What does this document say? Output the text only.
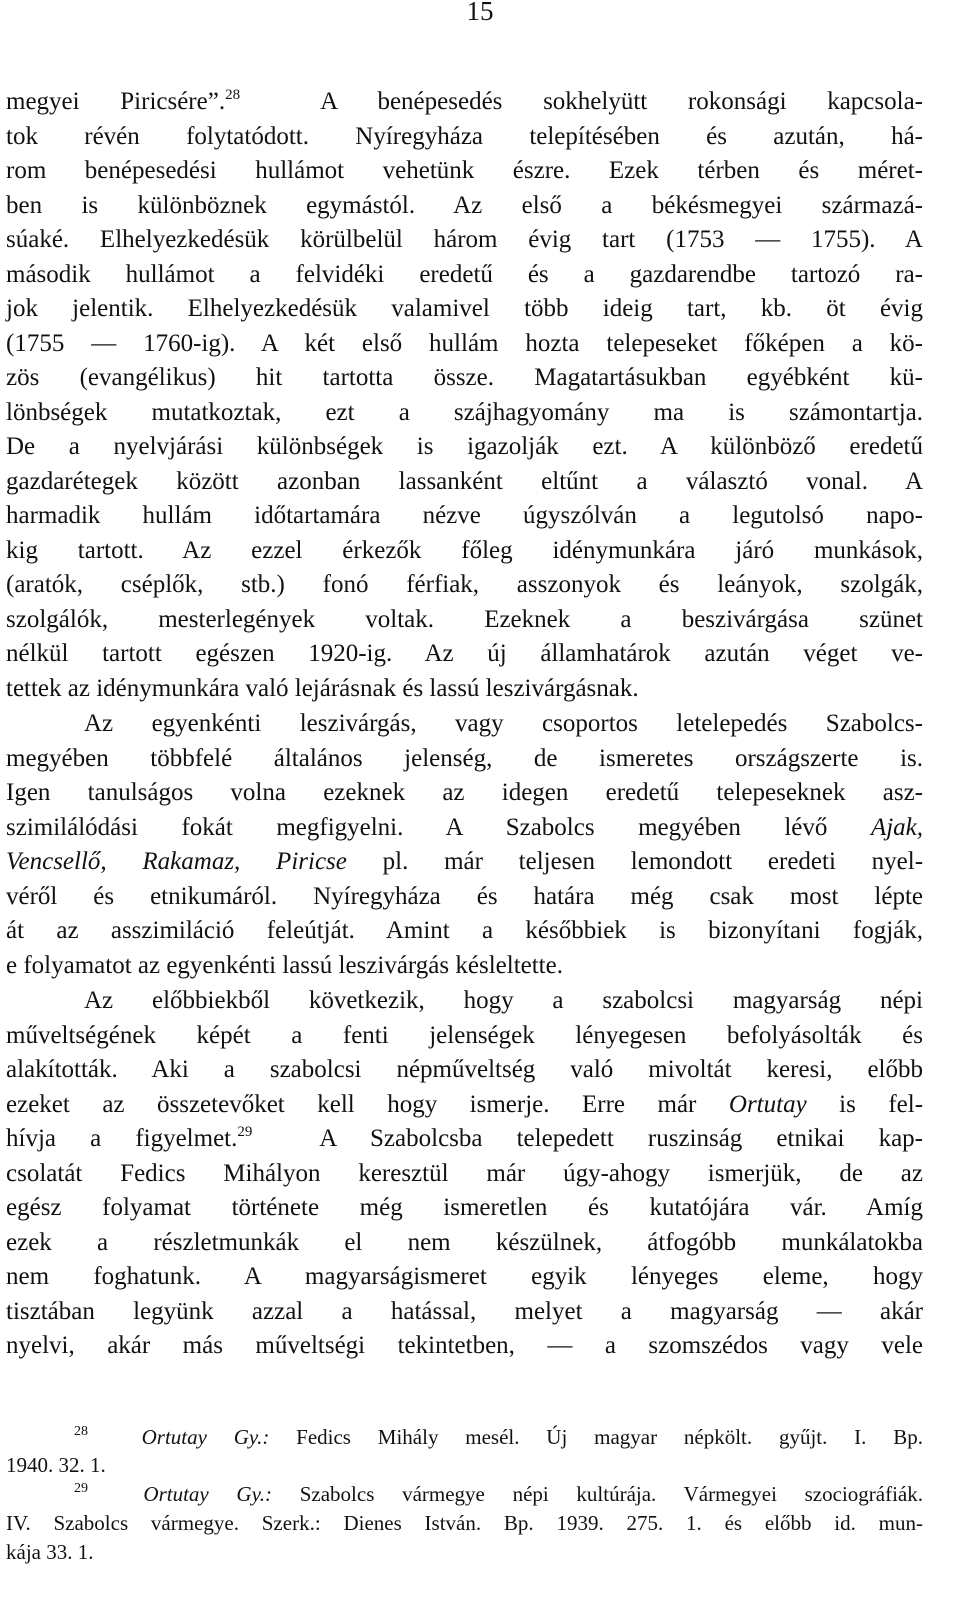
15
megyei Piricsére”.$^{28}$	A benépesedés sokhelyütt rokonsági kapcsola-
tok révén folytatódott. Nyíregyháza telepítésében és azután, há-
rom benépesedési hullámot vehetünk észre. Ezek térben és méret-
ben is különböznek egymástól. Az első a békésmegyei származá-
súaké. Elhelyezkedésük körülbelül három évig tart (1753 — 1755). A
második hullámot a felvidéki eredetű és a gazdarendbe tartozó ra-
jok jelentik. Elhelyezkedésük valamivel több ideig tart, kb. öt évig
(1755 — 1760-ig). A két első hullám hozta telepeseket főképen a kö-
zös (evangélikus) hit tartotta össze. Magatartásukban egyébként kü-
lönbségek mutatkoztak, ezt a szájhagyomány ma is számontartja.
De a nyelvjárási különbségek is igazolják ezt. A különböző eredetű
gazdarétegek között azonban lassanként eltűnt a választó vonal. A
harmadik hullám időtartamára nézve úgyszólván a legutolsó napo-
kig tartott. Az ezzel érkezők főleg idénymunkára járó munkások,
(aratók, cséplők, stb.) fonó férfiak, asszonyok és leányok, szolgák,
szolgálók, mesterlegények voltak. Ezeknek a beszivárgása szünet
nélkül tartott egészen 1920-ig. Az új államhatárok azután véget ve-
tettek az idénymunkára való lejárásnak és lassú leszivárgásnak.
Az egyenkénti leszivárgás, vagy csoportos letelepedés Szabolcs-
megyében többfelé általános jelenség, de ismeretes országszerte is.
Igen tanulságos volna ezeknek az idegen eredetű telepeseknek asz-
szimilálódási fokát megfigyelni. A Szabolcs megyében lévő Ajak,
Vencsellő, Rakamaz, Piricse pl. már teljesen lemondott eredeti nyel-
véről és etnikumáról. Nyíregyháza és határa még csak most lépte
át az asszimiláció feleútját. Amint a későbbiek is bizonyítani fogják,
e folyamatot az egyenkénti lassú leszivárgás késleltette.
Az előbbiekből következik, hogy a szabolcsi magyarság népi
műveltségének képét a fenti jelenségek lényegesen befolyásolták és
alakították. Aki a szabolcsi népműveltség való mivoltát keresi, előbb
ezeket az összetevőket kell hogy ismerje. Erre már Ortutay is fel-
hívja a figyelmet.$^{29}$	A Szabolcsba telepedett ruszinság etnikai kap-
csolatát Fedics Mihályon keresztül már úgy-ahogy ismerjük, de az
egész folyamat története még ismeretlen és kutatójára vár. Amíg
ezek a részletmunkák el nem készülnek, átfogóbb munkálatokba
nem foghatunk. A magyarságismeret egyik lényeges eleme, hogy
tisztában legyünk azzal a hatással, melyet a magyarság — akár
nyelvi, akár más műveltségi tekintetben, — a szomszédos vagy vele
$^{28}$	Ortutay Gy.: Fedics Mihály mesél. Új magyar népkölt. gyűjt. I. Bp.
1940. 32. 1.
$^{29}$	Ortutay Gy.: Szabolcs vármegye népi kultúrája. Vármegyei szociográfiák.
IV. Szabolcs vármegye. Szerk.: Dienes István. Bp. 1939. 275. 1. és előbb id. mun-
kája 33. 1.
